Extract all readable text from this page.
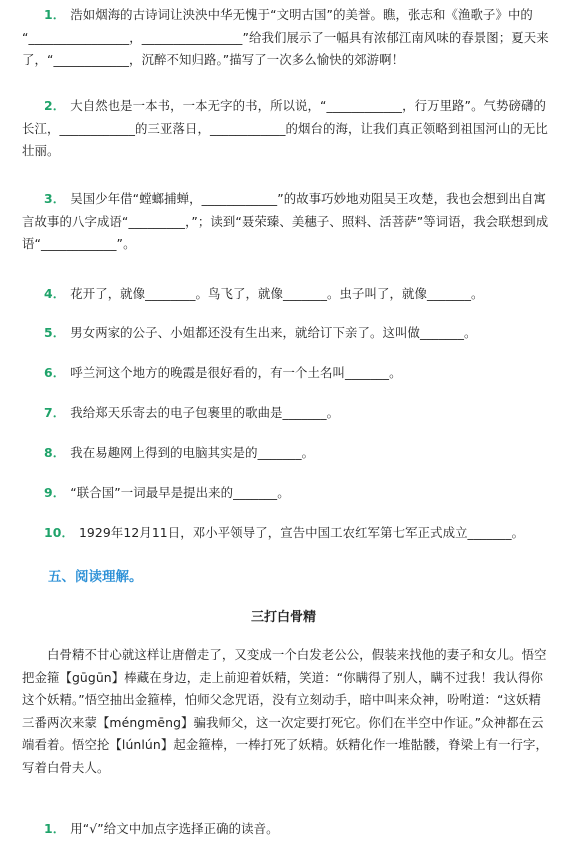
1． 浩如烟海的古诗词让泱泱中华无愧于“文明古国”的美誉。瞧，张志和《渔歌子》中的 “________________，________________”给我们展示了一幅具有浓郁江南风味的春景图；夏天来了，“____________，沉醉不知归路。”描写了一次多么愉快的郊游啊！
2． 大自然也是一本书，一本无字的书，所以说，“____________，行万里路”。气势磅礴的长江，____________的三亚落日，____________的烟台的海，让我们真正领略到祖国河山的无比壮丽。
3． 吴国少年借“螳螂捕蝉，____________”的故事巧妙地劝阻吴王攻楚，我也会想到出自寓言故事的八字成语“_________，”；读到“聂荣臻、美穗子、照料、活菩萨”等词语，我会联想到成语“____________”。
4． 花开了，就像________。鸟飞了，就像_______。虫子叫了，就像_______。
5． 男女两家的公子、小姐都还没有生出来，就给订下亲了。这叫做_______。
6． 呼兰河这个地方的晚霞是很好看的，有一个土名叫_______。
7． 我给郑天乐寄去的电子包裹里的歌曲是_______。
8． 我在易趣网上得到的电脑其实是的_______。
9． “联合国”一词最早是提出来的_______。
10． 1929年12月11日，邓小平领导了，宣告中国工农红军第七军正式成立_______。
五、阅读理解。
三打白骨精
白骨精不甘心就这样让唐僧走了，又变成一个白发老公公，假装来找他的妻子和女儿。悟空把金箍【gūgūn】棒藏在身边，走上前迎着妖精，笑道：“你瞒得了别人，瞒不过我！我认得你这个妖精。”悟空抽出金箍棒，怕师父念咒语，没有立刻动手，暗中叫来众神，吩咐道：“这妖精三番两次来蒙【méngmēng】骗我师父，这一次定要打死它。你们在半空中作证。”众神都在云端看着。悟空抡【lúnlún】起金箍棒，一棒打死了妖精。妖精化作一堆骷髅，脊梁上有一行字，写着白骨夫人。
1． 用“√”给文中加点字选择正确的读音。
